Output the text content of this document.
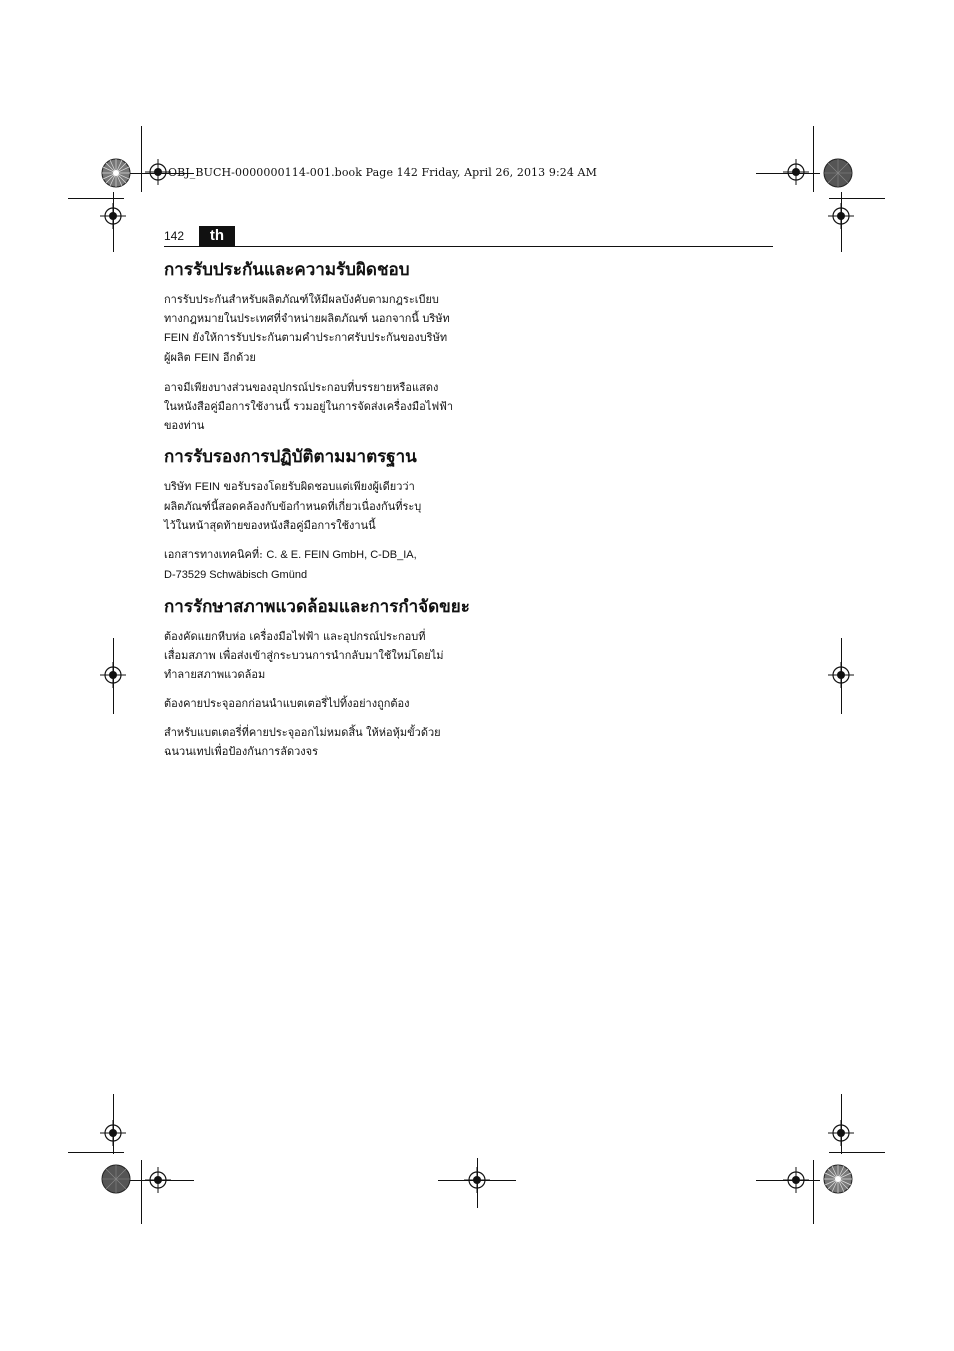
OBJ_BUCH-0000000114-001.book Page 142 Friday, April 26, 2013 9:24 AM
142	th
การรับประกันและความรับผิดชอบ

การรับประกันสำหรับผลิตภัณฑ์ให้มีผลบังคับตามกฎระเบียบ
ทางกฎหมายในประเทศที่จำหน่ายผลิตภัณฑ์ นอกจากนี้ บริษัท
FEIN ยังให้การรับประกันตามคำประกาศรับประกันของบริษัท
ผู้ผลิต FEIN อีกด้วย

อาจมีเพียงบางส่วนของอุปกรณ์ประกอบที่บรรยายหรือแสดง
ในหนังสือคู่มือการใช้งานนี้ รวมอยู่ในการจัดส่งเครื่องมือไฟฟ้า
ของท่าน

การรับรองการปฏิบัติตามมาตรฐาน

บริษัท FEIN ขอรับรองโดยรับผิดชอบแต่เพียงผู้เดียวว่า
ผลิตภัณฑ์นี้สอดคล้องกับข้อกำหนดที่เกี่ยวเนื่องกันที่ระบุ
ไว้ในหน้าสุดท้ายของหนังสือคู่มือการใช้งานนี้

เอกสารทางเทคนิคที่: C. & E. FEIN GmbH, C-DB_IA,
D-73529 Schwäbisch Gmünd

การรักษาสภาพแวดล้อมและการกำจัดขยะ

ต้องคัดแยกหีบห่อ เครื่องมือไฟฟ้า และอุปกรณ์ประกอบที่
เสื่อมสภาพ เพื่อส่งเข้าสู่กระบวนการนำกลับมาใช้ใหม่โดยไม่
ทำลายสภาพแวดล้อม

ต้องคายประจุออกก่อนนำแบตเตอรี่ไปทิ้งอย่างถูกต้อง

สำหรับแบตเตอรี่ที่คายประจุออกไม่หมดสิ้น ให้ห่อหุ้มขั้วด้วย
ฉนวนเทปเพื่อป้องกันการลัดวงจร
